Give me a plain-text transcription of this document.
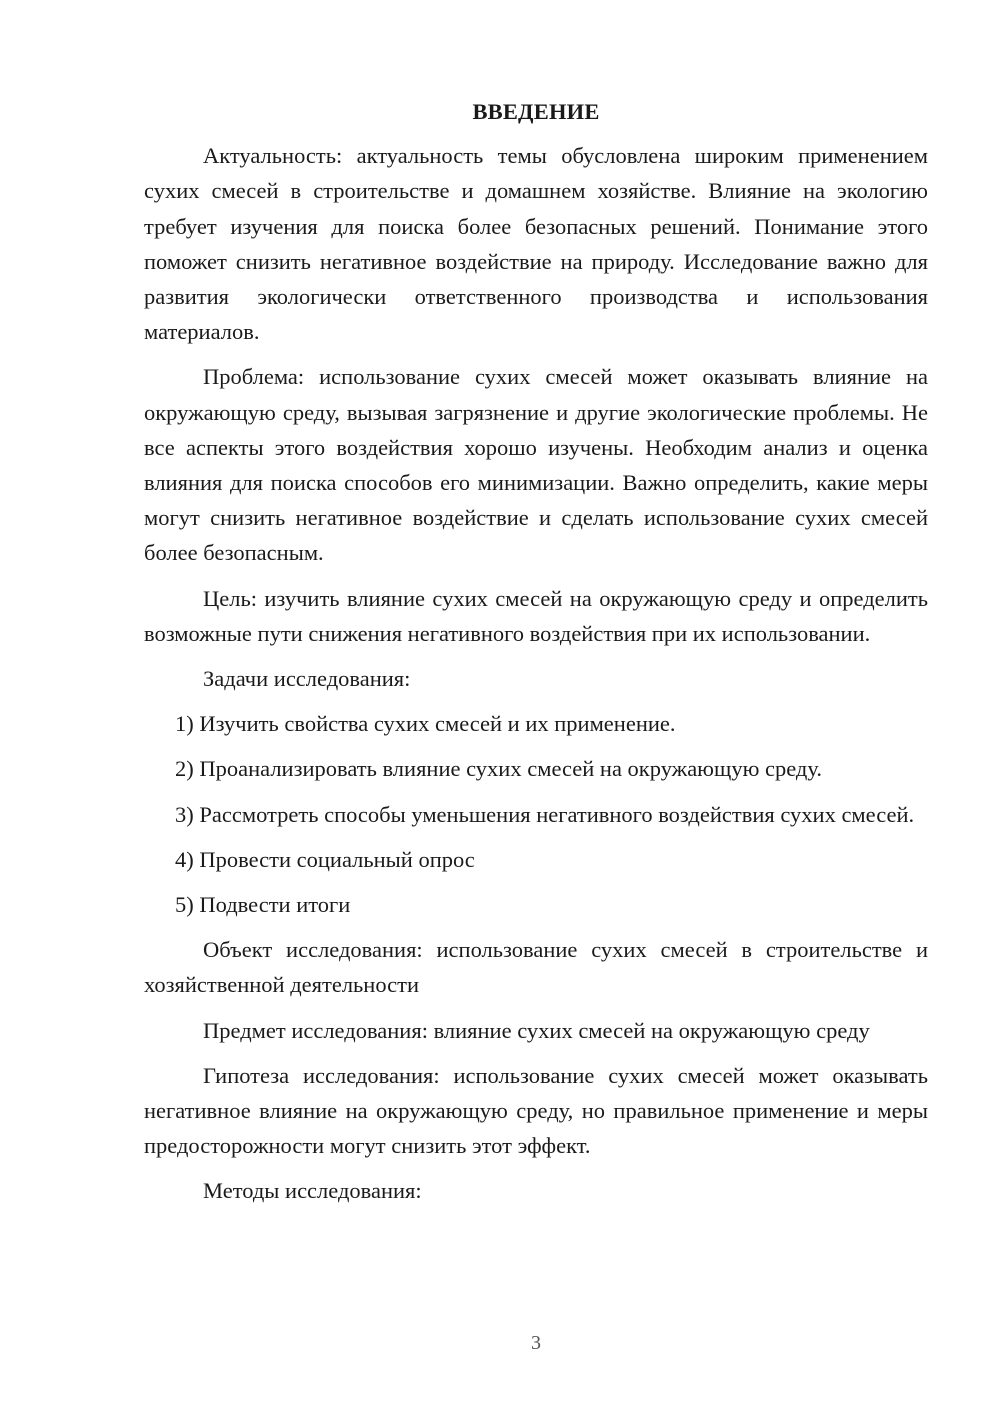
ВВЕДЕНИЕ

Актуальность: актуальность темы обусловлена широким применением сухих смесей в строительстве и домашнем хозяйстве. Влияние на экологию требует изучения для поиска более безопасных решений. Понимание этого поможет снизить негативное воздействие на природу. Исследование важно для развития экологически ответственного производства и использования материалов.

Проблема: использование сухих смесей может оказывать влияние на окружающую среду, вызывая загрязнение и другие экологические проблемы. Не все аспекты этого воздействия хорошо изучены. Необходим анализ и оценка влияния для поиска способов его минимизации. Важно определить, какие меры могут снизить негативное воздействие и сделать использование сухих смесей более безопасным.

Цель: изучить влияние сухих смесей на окружающую среду и определить возможные пути снижения негативного воздействия при их использовании.

Задачи исследования:

1) Изучить свойства сухих смесей и их применение.

2) Проанализировать влияние сухих смесей на окружающую среду.

3) Рассмотреть способы уменьшения негативного воздействия сухих смесей.

4) Провести социальный опрос

5) Подвести итоги

Объект исследования: использование сухих смесей в строительстве и хозяйственной деятельности

Предмет исследования: влияние сухих смесей на окружающую среду

Гипотеза исследования: использование сухих смесей может оказывать негативное влияние на окружающую среду, но правильное применение и меры предосторожности могут снизить этот эффект.

Методы исследования:

3
